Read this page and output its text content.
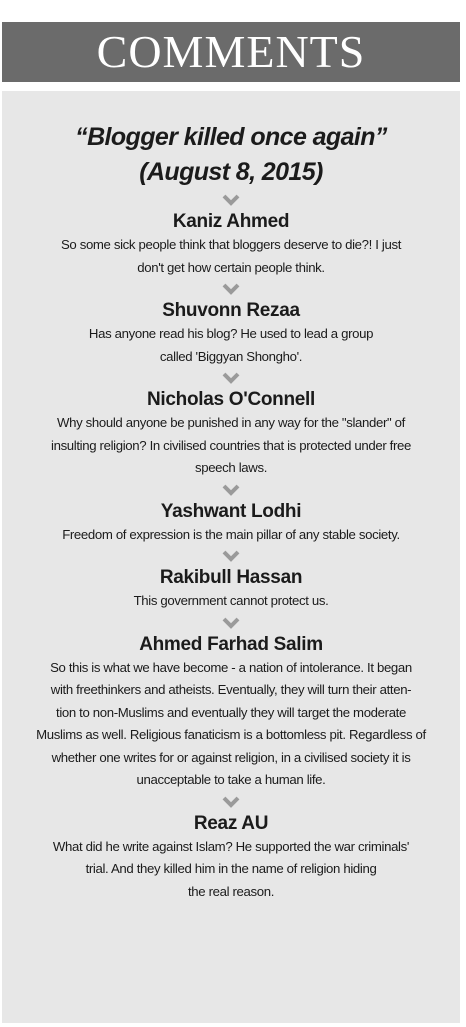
COMMENTS
“Blogger killed once again”
(August 8, 2015)

Kaniz Ahmed

So some sick people think that bloggers deserve to die?! I just
don't get how certain people think.

Shuvonn Rezaa

Has anyone read his blog? He used to lead a group
called 'Biggyan Shongho'.

Nicholas O'Connell

Why should anyone be punished in any way for the "slander" of
insulting religion? In civilised countries that is protected under free
speech laws.

Yashwant Lodhi

Freedom of expression is the main pillar of any stable society.

Rakibull Hassan

This government cannot protect us.

Ahmed Farhad Salim

So this is what we have become - a nation of intolerance. It began
with freethinkers and atheists. Eventually, they will turn their atten-
tion to non-Muslims and eventually they will target the moderate
Muslims as well. Religious fanaticism is a bottomless pit. Regardless of
whether one writes for or against religion, in a civilised society it is
unacceptable to take a human life.

Reaz AU

What did he write against Islam? He supported the war criminals'
trial. And they killed him in the name of religion hiding
the real reason.
